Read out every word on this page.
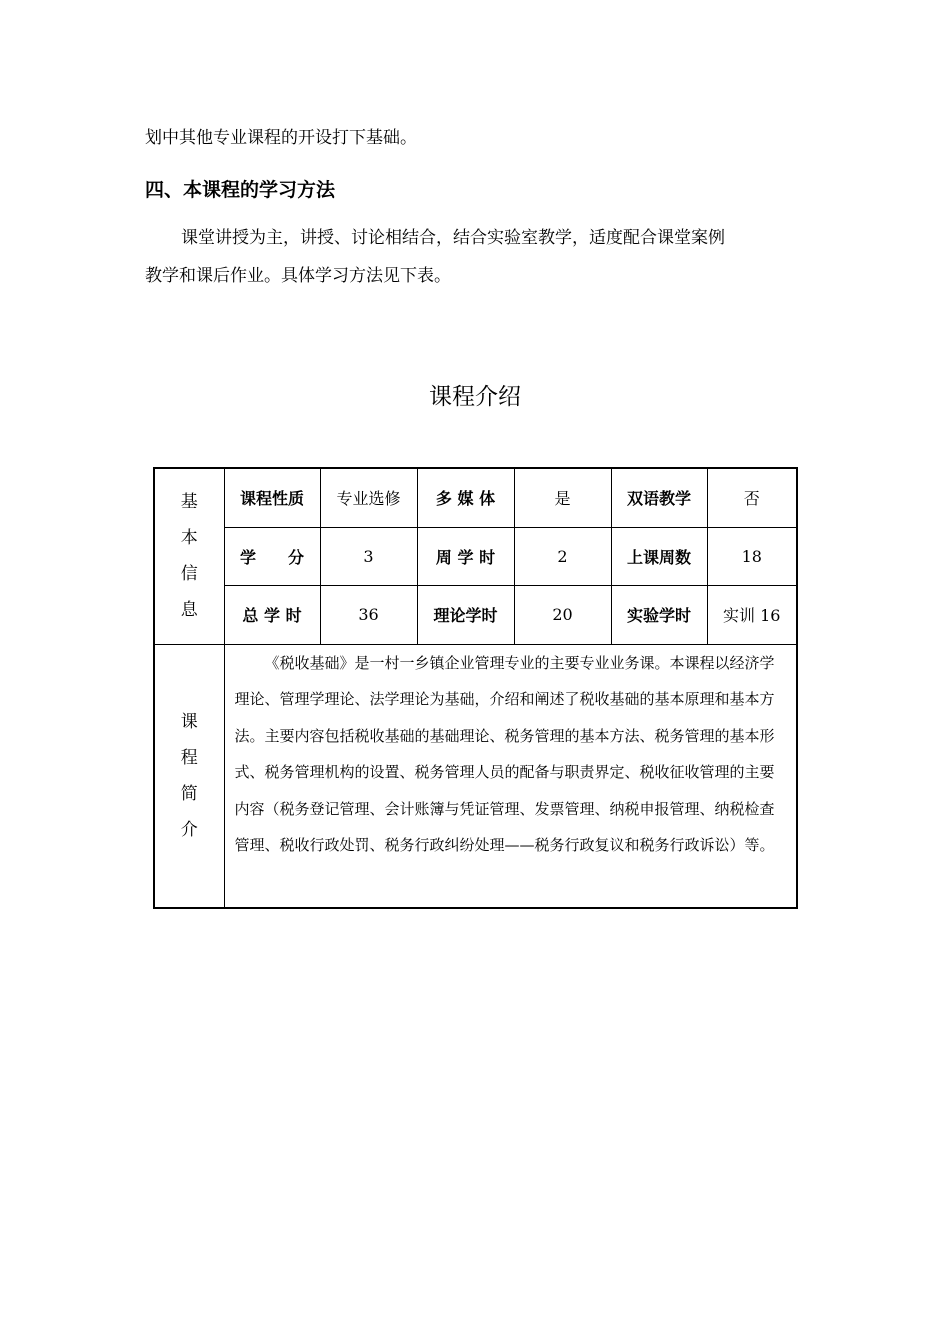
划中其他专业课程的开设打下基础。
四、本课程的学习方法
课堂讲授为主，讲授、讨论相结合，结合实验室教学，适度配合课堂案例
教学和课后作业。具体学习方法见下表。
课程介绍
基本信息	课程性质	专业选修	多 媒 体	是	双语教学	否
	学　　分	3	周 学 时	2	上课周数	18
	总 学 时	36	理论学时	20	实验学时	实训 16
课程简介	《税收基础》是一村一乡镇企业管理专业的主要专业业务课。本课程以经济学理论、管理学理论、法学理论为基础，介绍和阐述了税收基础的基本原理和基本方法。主要内容包括税收基础的基础理论、税务管理的基本方法、税务管理的基本形式、税务管理机构的设置、税务管理人员的配备与职责界定、税收征收管理的主要内容（税务登记管理、会计账簿与凭证管理、发票管理、纳税申报管理、纳税检查管理、税收行政处罚、税务行政纠纷处理——税务行政复议和税务行政诉讼）等。					
